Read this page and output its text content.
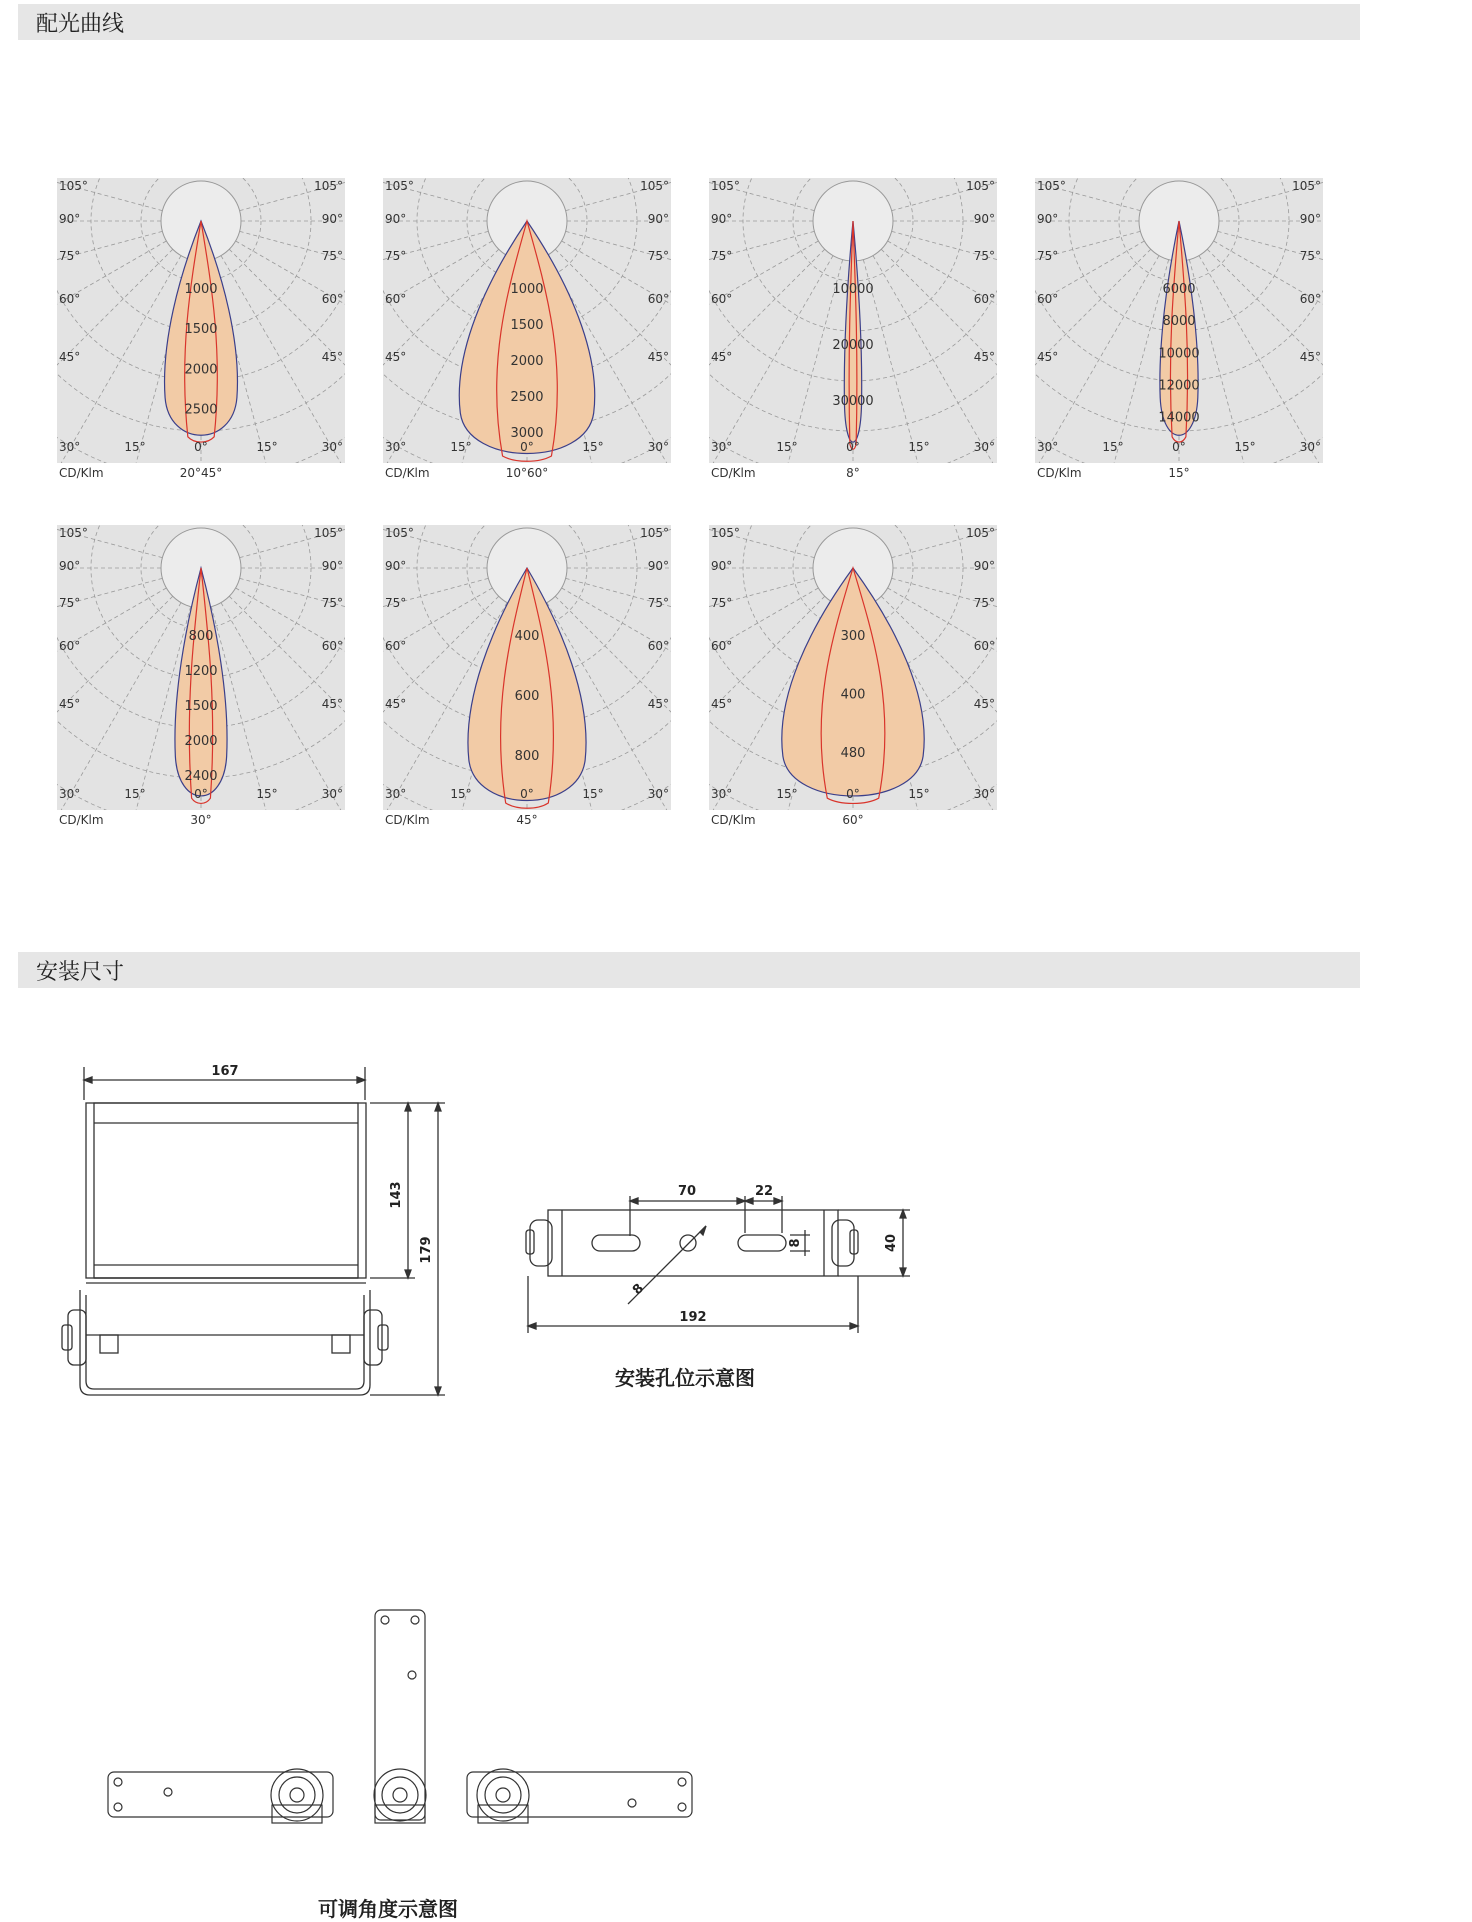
配光曲线
1000
1500
2000
2500
105°	105°
90°	90°
75°	75°
60°	60°
45°	45°
30°	30°
15°	15°
0°
CD/Klm	20°45°
1000
1500
2000
2500
3000
105°	105°
90°	90°
75°	75°
60°	60°
45°	45°
30°	30°
15°	15°
0°
CD/Klm	10°60°
10000
20000
30000
105°	105°
90°	90°
75°	75°
60°	60°
45°	45°
30°	30°
15°	15°
0°
CD/Klm	8°
6000
8000
10000
12000
14000
105°	105°
90°	90°
75°	75°
60°	60°
45°	45°
30°	30°
15°	15°
0°
CD/Klm	15°
800
1200
1500
2000
2400
105°	105°
90°	90°
75°	75°
60°	60°
45°	45°
30°	30°
15°	15°
0°
CD/Klm	30°
400
600
800
105°	105°
90°	90°
75°	75°
60°	60°
45°	45°
30°	30°
15°	15°
0°
CD/Klm	45°
300
400
480
105°	105°
90°	90°
75°	75°
60°	60°
45°	45°
30°	30°
15°	15°
0°
CD/Klm	60°
安装尺寸
167
143
179
70	22
8
8
40
192
安装孔位示意图
可调角度示意图
